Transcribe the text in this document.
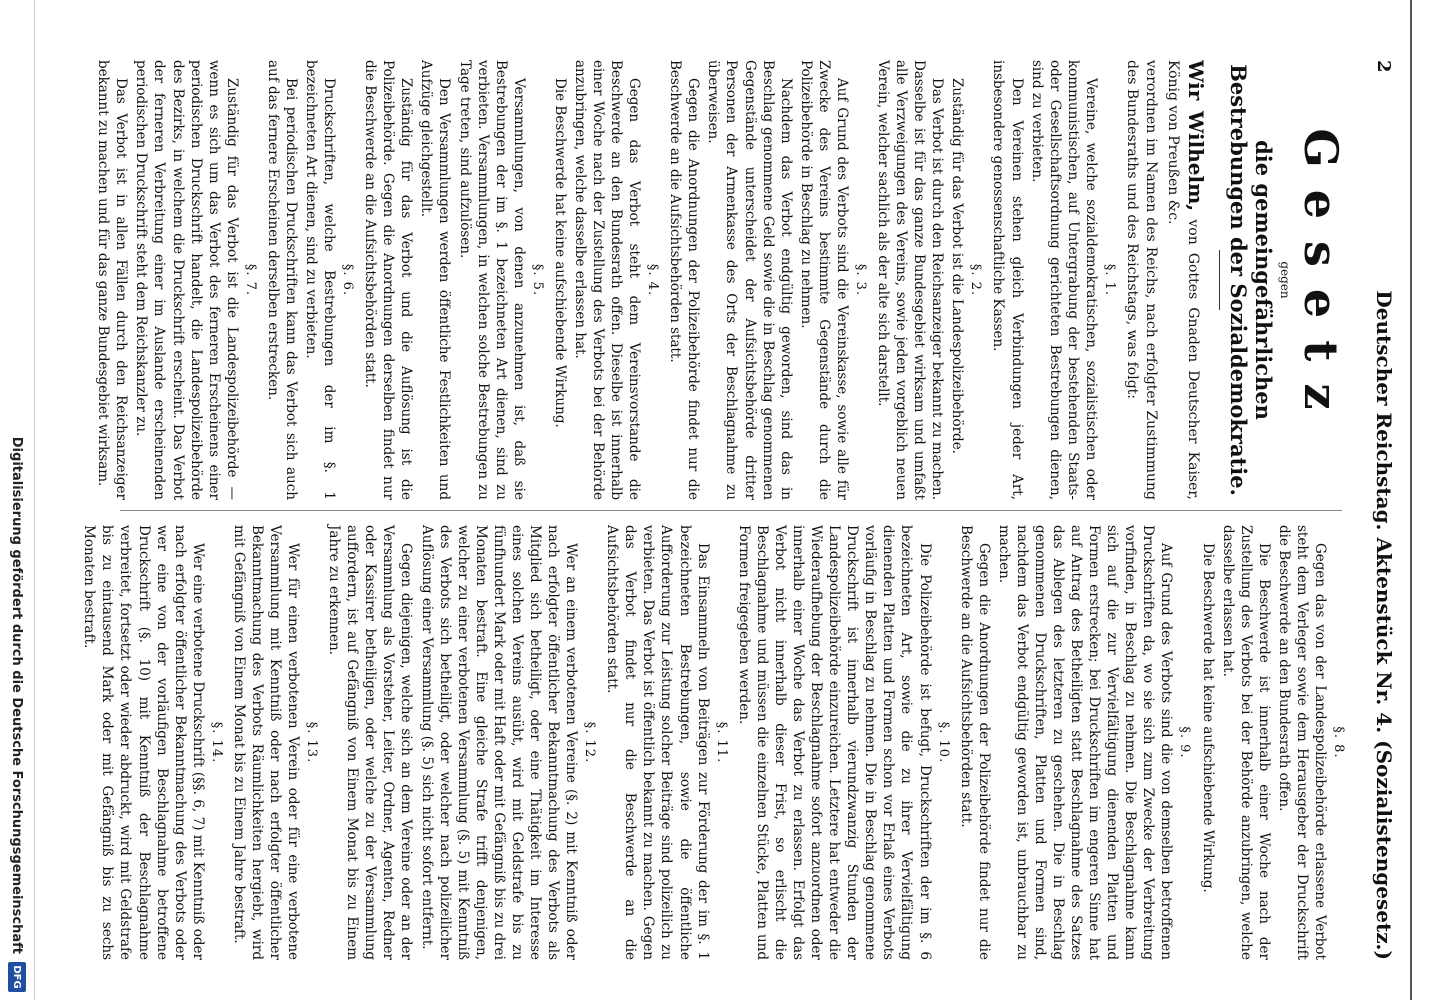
2
Deutscher Reichstag. Aktenstück Nr. 4. (Sozialistengesetz.)
Gesetz
gegen
die gemeingefährlichen Bestrebungen der Sozialdemokratie.

Wir Wilhelm, von Gottes Gnaden Deutscher Kaiser, König von Preußen &c.

verordnen im Namen des Reichs, nach erfolgter Zustimmung des Bundesraths und des Reichstags, was folgt:

§. 1.

Vereine, welche sozialdemokratischen, sozialistischen oder kommunistischen, auf Untergrabung der bestehenden Staats- oder Gesellschaftsordnung gerichteten Bestrebungen dienen, sind zu verbieten.

Den Vereinen stehen gleich Verbindungen jeder Art, insbesondere genossenschaftliche Kassen.

§. 2.

Zuständig für das Verbot ist die Landespolizeibehörde.

Das Verbot ist durch den Reichsanzeiger bekannt zu machen. Dasselbe ist für das ganze Bundesgebiet wirksam und umfaßt alle Verzweigungen des Vereins, sowie jeden vorgeblich neuen Verein, welcher sachlich als der alte sich darstellt.

§. 3.

Auf Grund des Verbots sind die Vereinskasse, sowie alle für Zwecke des Vereins bestimmte Gegenstände durch die Polizeibehörde in Beschlag zu nehmen.

Nachdem das Verbot endgültig geworden, sind das in Beschlag genommene Geld sowie die in Beschlag genommenen Gegenstände unterscheidet der Aufsichtsbehörde dritter Personen der Armenkasse des Orts der Beschlagnahme zu überweisen.

Gegen die Anordnungen der Polizeibehörde findet nur die Beschwerde an die Aufsichtsbehörden statt.

§. 4.

Gegen das Verbot steht dem Vereinsvorstande die Beschwerde an den Bundesrath offen. Dieselbe ist innerhalb einer Woche nach der Zustellung des Verbots bei der Behörde anzubringen, welche dasselbe erlassen hat.

Die Beschwerde hat keine aufschiebende Wirkung.

§. 5.

Versammlungen, von denen anzunehmen ist, daß sie Bestrebungen der im §. 1 bezeichneten Art dienen, sind zu verbieten. Versammlungen, in welchen solche Bestrebungen zu Tage treten, sind aufzulösen.

Den Versammlungen werden öffentliche Festlichkeiten und Aufzüge gleichgestellt.

Zuständig für das Verbot und die Auflösung ist die Polizeibehörde. Gegen die Anordnungen derselben findet nur die Beschwerde an die Aufsichtsbehörden statt.

§. 6.

Druckschriften, welche Bestrebungen der im §. 1 bezeichneten Art dienen, sind zu verbieten.

Bei periodischen Druckschriften kann das Verbot sich auch auf das fernere Erscheinen derselben erstrecken.

§. 7.

Zuständig für das Verbot ist die Landespolizeibehörde — wenn es sich um das Verbot des ferneren Erscheinens einer periodischen Druckschrift handelt, die Landespolizeibehörde des Bezirks, in welchem die Druckschrift erscheint. Das Verbot der ferneren Verbreitung einer im Auslande erscheinenden periodischen Druckschrift steht dem Reichskanzler zu.

Das Verbot ist in allen Fällen durch den Reichsanzeiger bekannt zu machen und für das ganze Bundesgebiet wirksam.

§. 8.

Gegen das von der Landespolizeibehörde erlassene Verbot steht dem Verleger sowie dem Herausgeber der Druckschrift die Beschwerde an den Bundesrath offen.

Die Beschwerde ist innerhalb einer Woche nach der Zustellung des Verbots bei der Behörde anzubringen, welche dasselbe erlassen hat.

Die Beschwerde hat keine aufschiebende Wirkung.

§. 9.

Auf Grund des Verbots sind die von demselben betroffenen Druckschriften da, wo sie sich zum Zwecke der Verbreitung vorfinden, in Beschlag zu nehmen. Die Beschlagnahme kann sich auf die zur Vervielfältigung dienenden Platten und Formen erstrecken; bei Druckschriften im engeren Sinne hat auf Antrag des Betheiligten statt Beschlagnahme des Satzes das Ablegen des letzteren zu geschehen. Die in Beschlag genommenen Druckschriften, Platten und Formen sind, nachdem das Verbot endgültig geworden ist, unbrauchbar zu machen.

Gegen die Anordnungen der Polizeibehörde findet nur die Beschwerde an die Aufsichtsbehörden statt.

§. 10.

Die Polizeibehörde ist befugt, Druckschriften der im §. 6 bezeichneten Art, sowie die zu ihrer Vervielfältigung dienenden Platten und Formen schon vor Erlaß eines Verbots vorläufig in Beschlag zu nehmen. Die in Beschlag genommene Druckschrift ist innerhalb vierundzwanzig Stunden der Landespolizeibehörde einzureichen. Letztere hat entweder die Wiederaufhebung der Beschlagnahme sofort anzuordnen oder innerhalb einer Woche das Verbot zu erlassen. Erfolgt das Verbot nicht innerhalb dieser Frist, so erlischt die Beschlagnahme und müssen die einzelnen Stücke, Platten und Formen freigegeben werden.

§. 11.

Das Einsammeln von Beiträgen zur Förderung der im §. 1 bezeichneten Bestrebungen, sowie die öffentliche Aufforderung zur Leistung solcher Beiträge sind polizeilich zu verbieten. Das Verbot ist öffentlich bekannt zu machen. Gegen das Verbot findet nur die Beschwerde an die Aufsichtsbehörden statt.

§. 12.

Wer an einem verbotenen Vereine (§. 2) mit Kenntniß oder nach erfolgter öffentlicher Bekanntmachung des Verbots als Mitglied sich betheiligt, oder eine Thätigkeit im Interesse eines solchen Vereins ausübt, wird mit Geldstrafe bis zu fünfhundert Mark oder mit Haft oder mit Gefängniß bis zu drei Monaten bestraft. Eine gleiche Strafe trifft denjenigen, welcher zu einer verbotenen Versammlung (§. 5) mit Kenntniß des Verbots sich betheiligt, oder welcher nach polizeilicher Auflösung einer Versammlung (§. 5) sich nicht sofort entfernt.

Gegen diejenigen, welche sich an dem Vereine oder an der Versammlung als Vorsteher, Leiter, Ordner, Agenten, Redner oder Kassirer betheiligen, oder welche zu der Versammlung auffordern, ist auf Gefängniß von Einem Monat bis zu Einem Jahre zu erkennen.

§. 13.

Wer für einen verbotenen Verein oder für eine verbotene Versammlung mit Kenntniß oder nach erfolgter öffentlicher Bekanntmachung des Verbots Räumlichkeiten hergiebt, wird mit Gefängniß von Einem Monat bis zu Einem Jahre bestraft.

§. 14.

Wer eine verbotene Druckschrift (§§. 6, 7) mit Kenntniß oder nach erfolgter öffentlicher Bekanntmachung des Verbots oder wer eine von der vorläufigen Beschlagnahme betroffene Druckschrift (§. 10) mit Kenntniß der Beschlagnahme verbreitet, fortsetzt oder wieder abdruckt, wird mit Geldstrafe bis zu eintausend Mark oder mit Gefängniß bis zu sechs Monaten bestraft.

Digitalisierung gefördert durch die Deutsche Forschungsgemeinschaft
DFG
